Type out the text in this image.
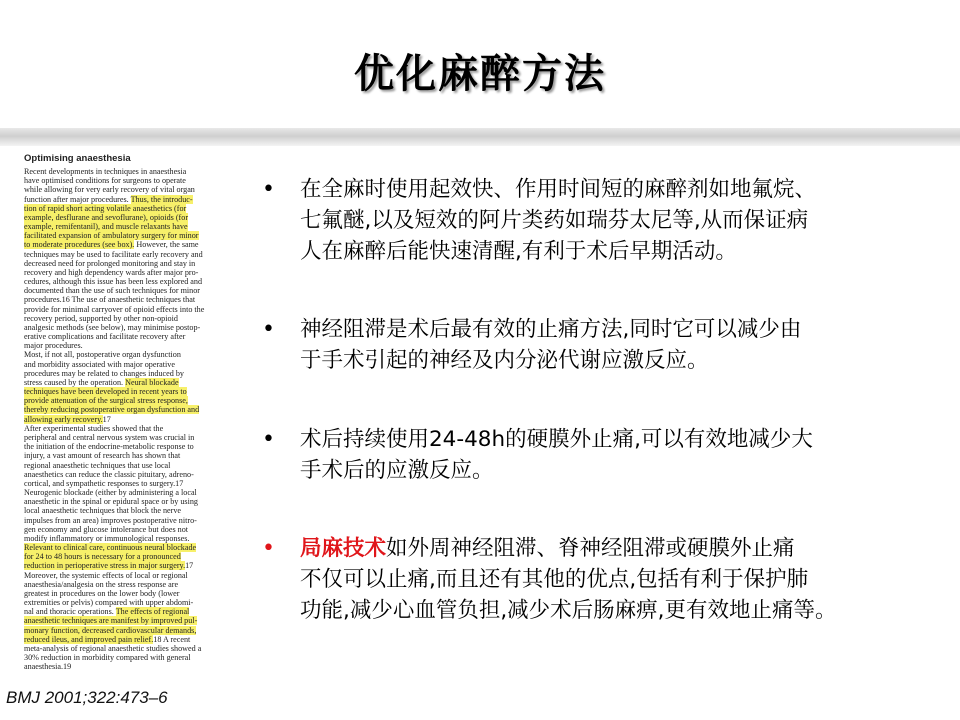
优化麻醉方法
Optimising anaesthesia
Recent developments in techniques in anaesthesia
have optimised conditions for surgeons to operate
while allowing for very early recovery of vital organ
function after major procedures. Thus, the introduc-
tion of rapid short acting volatile anaesthetics (for
example, desflurane and sevoflurane), opioids (for
example, remifentanil), and muscle relaxants have
facilitated expansion of ambulatory surgery for minor
to moderate procedures (see box). However, the same
techniques may be used to facilitate early recovery and
decreased need for prolonged monitoring and stay in
recovery and high dependency wards after major pro-
cedures, although this issue has been less explored and
documented than the use of such techniques for minor
procedures.16 The use of anaesthetic techniques that
provide for minimal carryover of opioid effects into the
recovery period, supported by other non-opioid
analgesic methods (see below), may minimise postop-
erative complications and facilitate recovery after
major procedures.
Most, if not all, postoperative organ dysfunction
and morbidity associated with major operative
procedures may be related to changes induced by
stress caused by the operation. Neural blockade
techniques have been developed in recent years to
provide attenuation of the surgical stress response,
thereby reducing postoperative organ dysfunction and
allowing early recovery.17
After experimental studies showed that the
peripheral and central nervous system was crucial in
the initiation of the endocrine-metabolic response to
injury, a vast amount of research has shown that
regional anaesthetic techniques that use local
anaesthetics can reduce the classic pituitary, adreno-
cortical, and sympathetic responses to surgery.17
Neurogenic blockade (either by administering a local
anaesthetic in the spinal or epidural space or by using
local anaesthetic techniques that block the nerve
impulses from an area) improves postoperative nitro-
gen economy and glucose intolerance but does not
modify inflammatory or immunological responses.
Relevant to clinical care, continuous neural blockade
for 24 to 48 hours is necessary for a pronounced
reduction in perioperative stress in major surgery.17
Moreover, the systemic effects of local or regional
anaesthesia/analgesia on the stress response are
greatest in procedures on the lower body (lower
extremities or pelvis) compared with upper abdomi-
nal and thoracic operations. The effects of regional
anaesthetic techniques are manifest by improved pul-
monary function, decreased cardiovascular demands,
reduced ileus, and improved pain relief.18 A recent
meta-analysis of regional anaesthetic studies showed a
30% reduction in morbidity compared with general
anaesthesia.19
BMJ 2001;322:473–6
• 在全麻时使用起效快、作用时间短的麻醉剂如地氟烷、
七氟醚,以及短效的阿片类药如瑞芬太尼等,从而保证病
人在麻醉后能快速清醒,有利于术后早期活动。
• 神经阻滞是术后最有效的止痛方法,同时它可以减少由
于手术引起的神经及内分泌代谢应激反应。
• 术后持续使用24-48h的硬膜外止痛,可以有效地减少大
手术后的应激反应。
• 局麻技术如外周神经阻滞、脊神经阻滞或硬膜外止痛
不仅可以止痛,而且还有其他的优点,包括有利于保护肺
功能,减少心血管负担,减少术后肠麻痹,更有效地止痛等。
